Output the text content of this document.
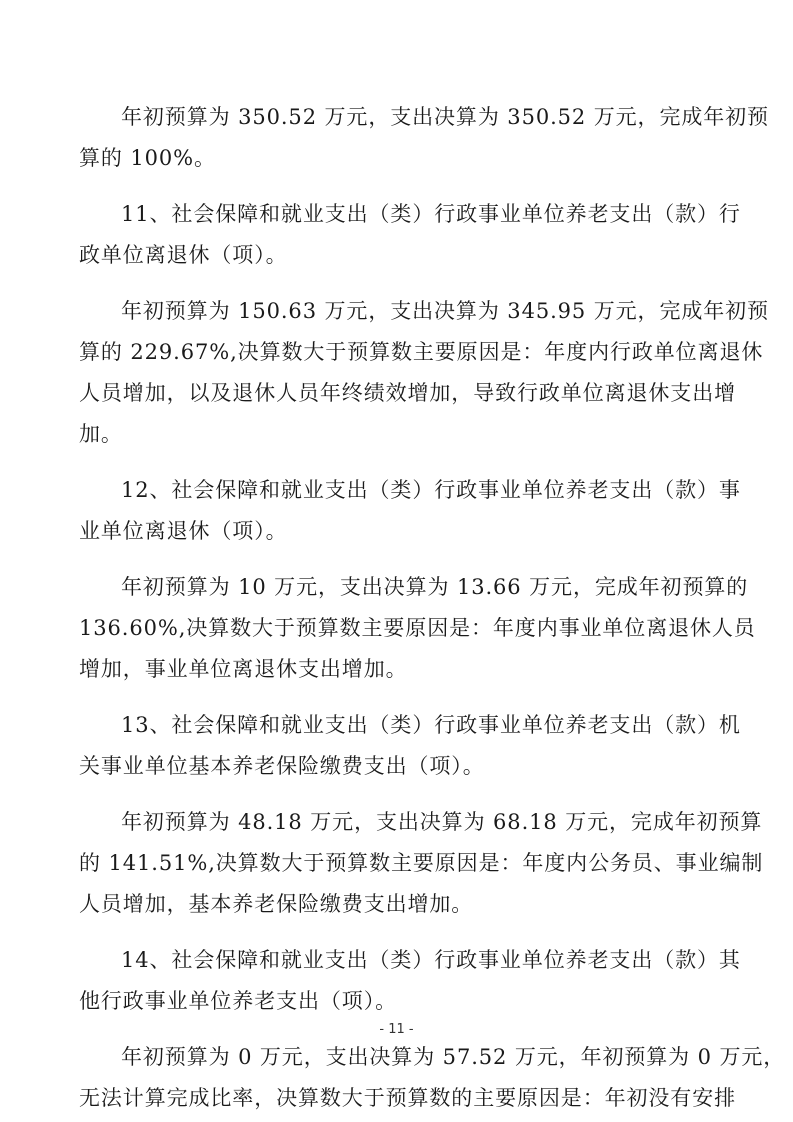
年初预算为 350.52 万元，支出决算为 350.52 万元，完成年初预
算的 100%。

11、社会保障和就业支出（类）行政事业单位养老支出（款）行
政单位离退休（项）。

年初预算为 150.63 万元，支出决算为 345.95 万元，完成年初预
算的 229.67%,决算数大于预算数主要原因是：年度内行政单位离退休
人员增加，以及退休人员年终绩效增加，导致行政单位离退休支出增
加。

12、社会保障和就业支出（类）行政事业单位养老支出（款）事
业单位离退休（项）。

年初预算为 10 万元，支出决算为 13.66 万元，完成年初预算的
136.60%,决算数大于预算数主要原因是：年度内事业单位离退休人员
增加，事业单位离退休支出增加。

13、社会保障和就业支出（类）行政事业单位养老支出（款）机
关事业单位基本养老保险缴费支出（项）。

年初预算为 48.18 万元，支出决算为 68.18 万元，完成年初预算
的 141.51%,决算数大于预算数主要原因是：年度内公务员、事业编制
人员增加，基本养老保险缴费支出增加。

14、社会保障和就业支出（类）行政事业单位养老支出（款）其
他行政事业单位养老支出（项）。

年初预算为 0 万元，支出决算为 57.52 万元，年初预算为 0 万元，
无法计算完成比率，决算数大于预算数的主要原因是：年初没有安排

- 11 -
